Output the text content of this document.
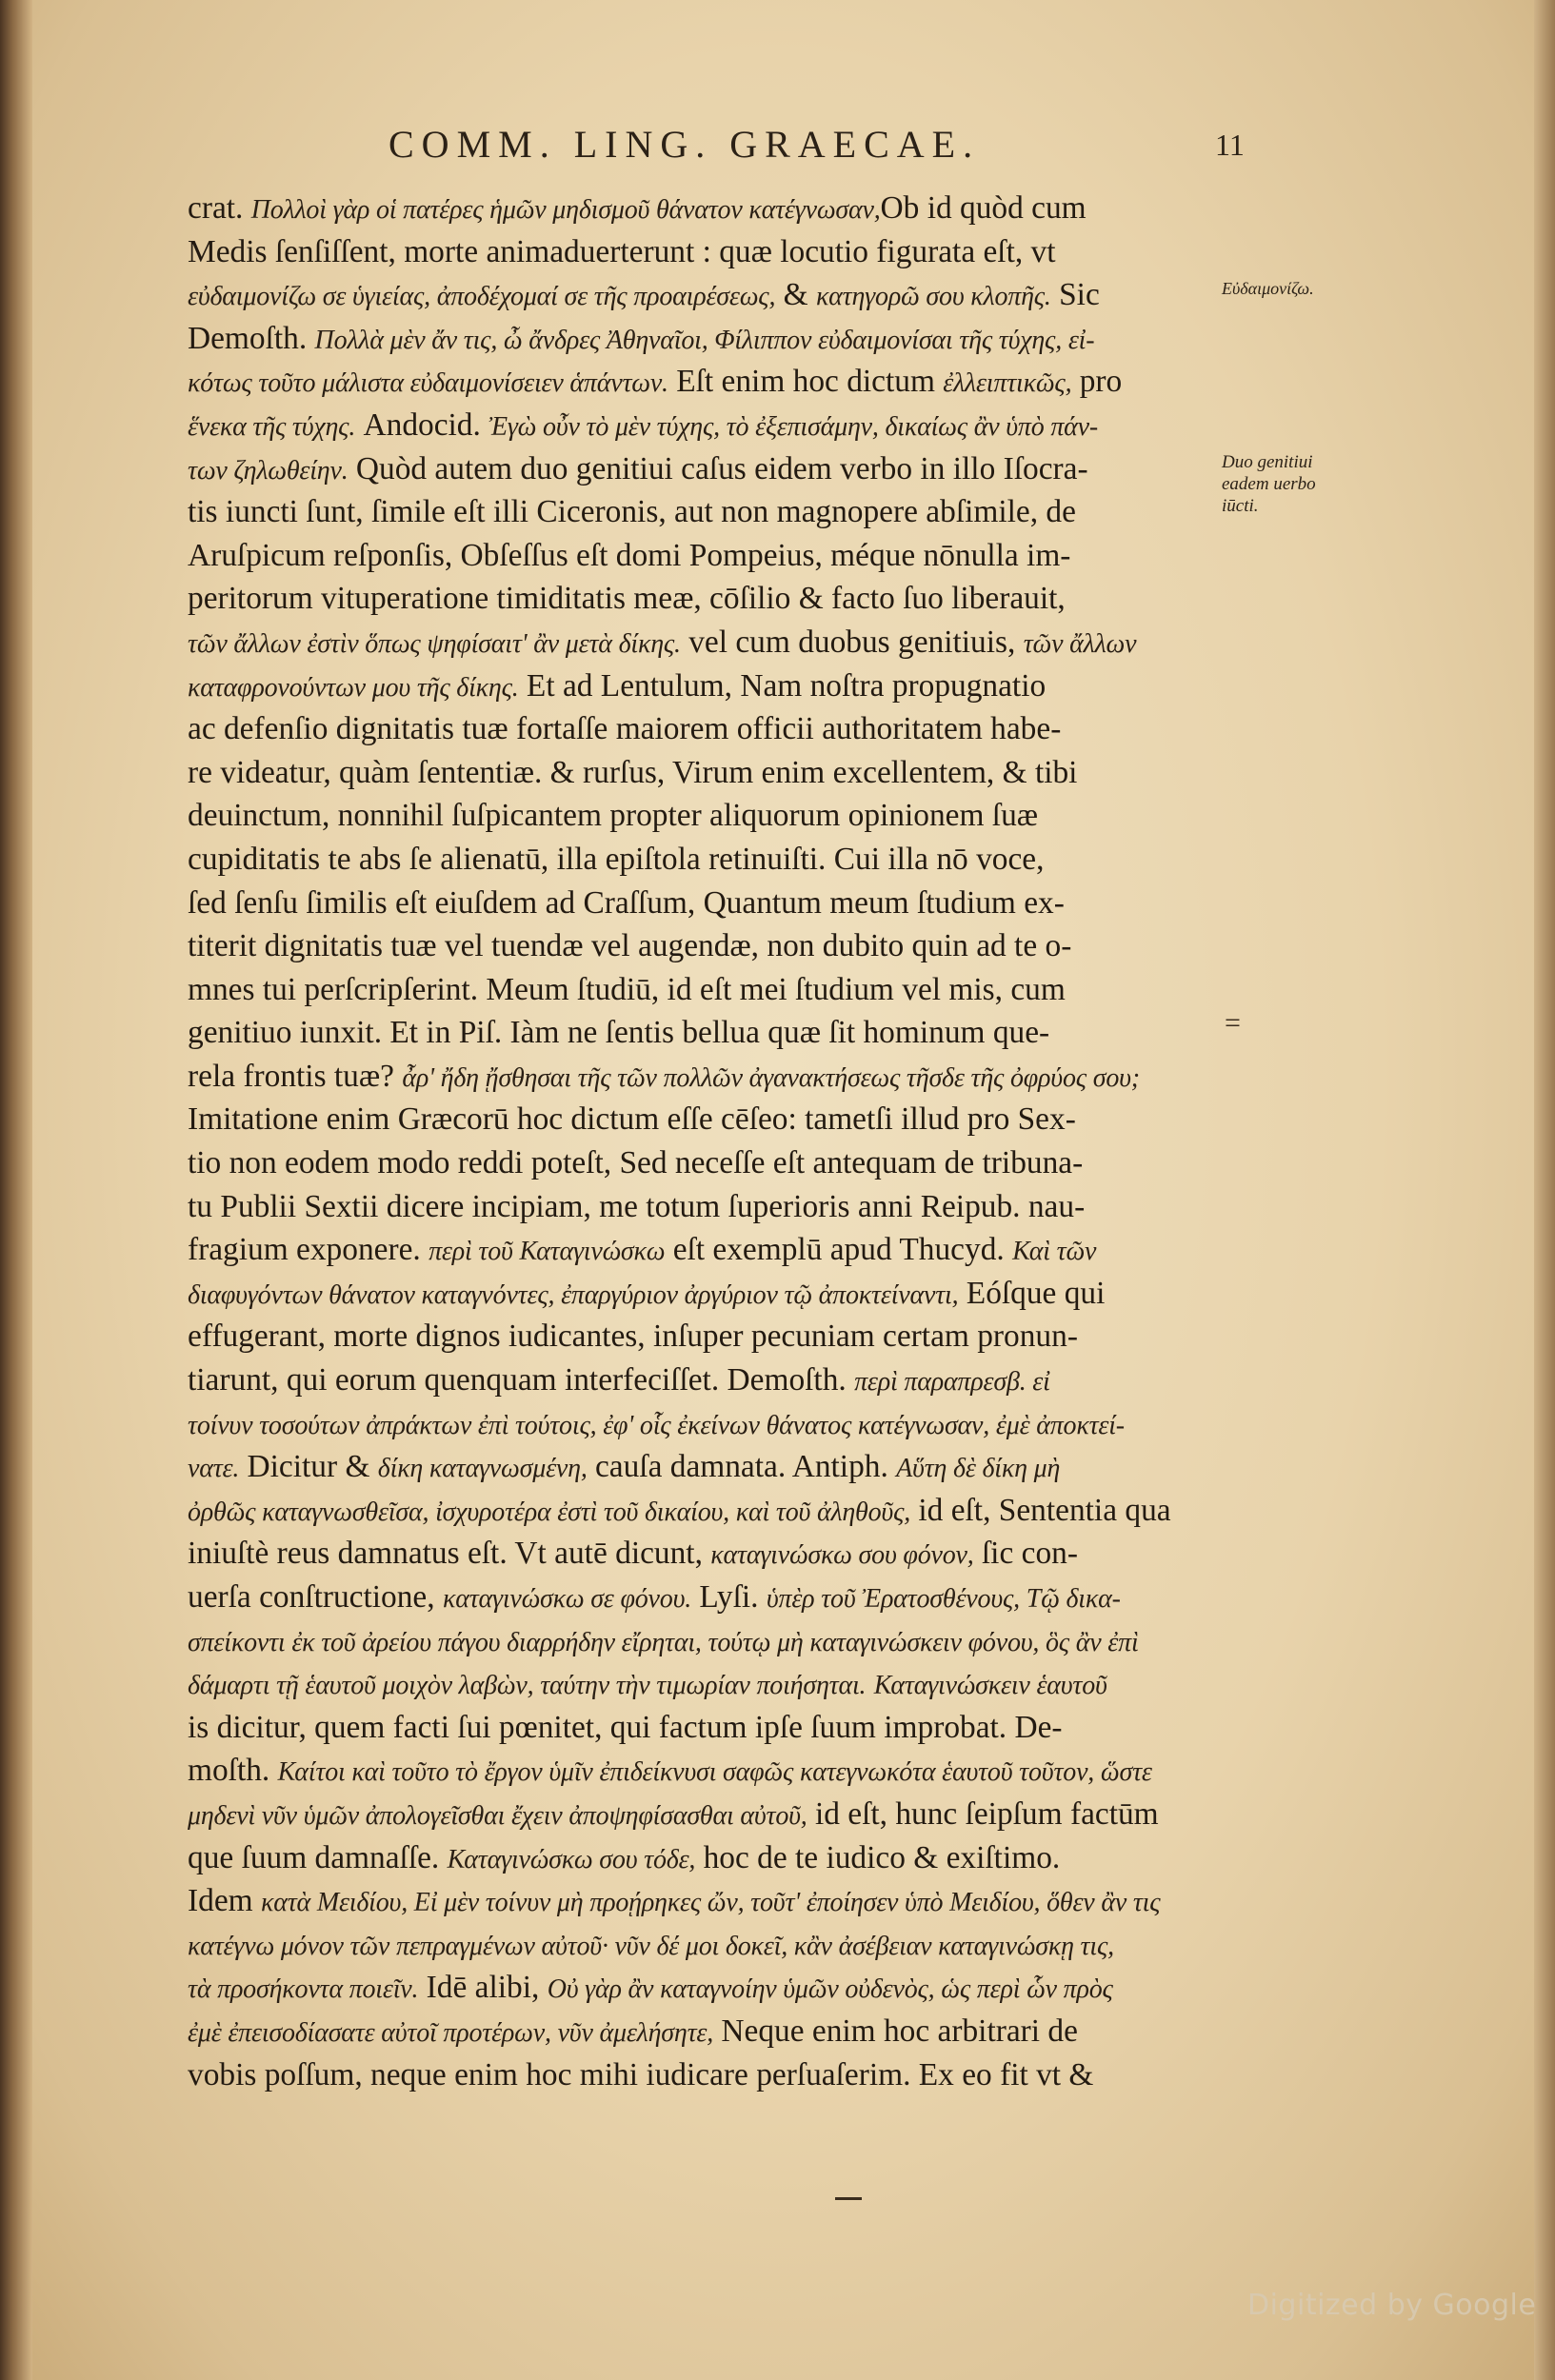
COMM. LING. GRAECAE.	11
crat. Πολλοὶ γὰρ οἱ πατέρες ἡμῶν μηδισμοῦ θάνατον κατέγνωσαν,Ob id quòd cum
Medis ſenſiſſent, morte animaduerterunt : quæ locutio figurata eſt, vt
εὐδαιμονίζω σε ὑγιείας, ἀποδέχομαί σε τῆς προαιρέσεως, & κατηγορῶ σου κλοπῆς. Sic
Demoſth. Πολλὰ μὲν ἄν τις, ὦ ἄνδρες Ἀθηναῖοι, Φίλιππον εὐδαιμονίσαι τῆς τύχης, εἰ-
κότως τοῦτο μάλιστα εὐδαιμονίσειεν ἁπάντων. Eſt enim hoc dictum ἐλλειπτικῶς, pro
ἕνεκα τῆς τύχης. Andocid. Ἐγὼ οὖν τὸ μὲν τύχης, τὸ ἐξεπισάμην, δικαίως ἂν ὑπὸ πάν-
των ζηλωθείην. Quòd autem duo genitiui caſus eidem verbo in illo Iſocra-
tis iuncti ſunt, ſimile eſt illi Ciceronis, aut non magnopere abſimile, de
Aruſpicum reſponſis, Obſeſſus eſt domi Pompeius, méque nōnulla im-
peritorum vituperatione timiditatis meæ, cōſilio & facto ſuo liberauit,
τῶν ἄλλων ἐστὶν ὅπως ψηφίσαιτ' ἂν μετὰ δίκης. vel cum duobus genitiuis, τῶν ἄλλων
καταφρονούντων μου τῆς δίκης. Et ad Lentulum, Nam noſtra propugnatio
ac defenſio dignitatis tuæ fortaſſe maiorem officii authoritatem habe-
re videatur, quàm ſententiæ. & rurſus, Virum enim excellentem, & tibi
deuinctum, nonnihil ſuſpicantem propter aliquorum opinionem ſuæ
cupiditatis te abs ſe alienatū, illa epiſtola retinuiſti. Cui illa nō voce,
ſed ſenſu ſimilis eſt eiuſdem ad Craſſum, Quantum meum ſtudium ex-
titerit dignitatis tuæ vel tuendæ vel augendæ, non dubito quin ad te o-
mnes tui perſcripſerint. Meum ſtudiū, id eſt mei ſtudium vel mis, cum
genitiuo iunxit. Et in Piſ. Iàm ne ſentis bellua quæ ſit hominum que-
rela frontis tuæ? ἆρ' ἤδη ᾔσθησαι τῆς τῶν πολλῶν ἀγανακτήσεως τῆσδε τῆς ὀφρύος σου;
Imitatione enim Græcorū hoc dictum eſſe cēſeo: tametſi illud pro Sex-
tio non eodem modo reddi poteſt, Sed neceſſe eſt antequam de tribuna-
tu Publii Sextii dicere incipiam, me totum ſuperioris anni Reipub. nau-
fragium exponere. περὶ τοῦ Καταγινώσκω eſt exemplū apud Thucyd. Καὶ τῶν
διαφυγόντων θάνατον καταγνόντες, ἐπαργύριον ἀργύριον τῷ ἀποκτείναντι, Eóſque qui
effugerant, morte dignos iudicantes, inſuper pecuniam certam pronun-
tiarunt, qui eorum quenquam interfeciſſet. Demoſth. περὶ παραπρεσβ. εἰ
τοίνυν τοσούτων ἀπράκτων ἐπὶ τούτοις, ἐφ' οἷς ἐκείνων θάνατος κατέγνωσαν, ἐμὲ ἀποκτεί-
νατε. Dicitur & δίκη καταγνωσμένη, cauſa damnata. Antiph. Αὕτη δὲ δίκη μὴ
ὀρθῶς καταγνωσθεῖσα, ἰσχυροτέρα ἐστὶ τοῦ δικαίου, καὶ τοῦ ἀληθοῦς, id eſt, Sententia qua
iniuſtè reus damnatus eſt. Vt autē dicunt, καταγινώσκω σου φόνον, ſic con-
uerſa conſtructione, καταγινώσκω σε φόνου. Lyſi. ὑπὲρ τοῦ Ἐρατοσθένους, Τῷ δικα-
σπείκοντι ἐκ τοῦ ἀρείου πάγου διαρρήδην εἴρηται, τούτῳ μὴ καταγινώσκειν φόνου, ὃς ἂν ἐπὶ
δάμαρτι τῇ ἑαυτοῦ μοιχὸν λαβὼν, ταύτην τὴν τιμωρίαν ποιήσηται. Καταγινώσκειν ἑαυτοῦ
is dicitur, quem facti ſui pœnitet, qui factum ipſe ſuum improbat. De-
moſth. Καίτοι καὶ τοῦτο τὸ ἔργον ὑμῖν ἐπιδείκνυσι σαφῶς κατεγνωκότα ἑαυτοῦ τοῦτον, ὥστε
μηδενὶ νῦν ὑμῶν ἀπολογεῖσθαι ἔχειν ἀποψηφίσασθαι αὐτοῦ, id eſt, hunc ſeipſum factūm
que ſuum damnaſſe. Καταγινώσκω σου τόδε, hoc de te iudico & exiſtimo.
Idem κατὰ Μειδίου, Εἰ μὲν τοίνυν μὴ προῄρηκες ὤν, τοῦτ' ἐποίησεν ὑπὸ Μειδίου, ὅθεν ἂν τις
κατέγνω μόνον τῶν πεπραγμένων αὐτοῦ· νῦν δέ μοι δοκεῖ, κἂν ἀσέβειαν καταγινώσκῃ τις,
τὰ προσήκοντα ποιεῖν. Idē alibi, Οὐ γὰρ ἂν καταγνοίην ὑμῶν οὐδενὸς, ὡς περὶ ὧν πρὸς
ἐμὲ ἐπεισοδίασατε αὐτοῖ προτέρων, νῦν ἀμελήσητε, Neque enim hoc arbitrari de
vobis poſſum, neque enim hoc mihi iudicare perſuaſerim. Ex eo fit vt &
Εὐδαιμονίζω.
Duo genitiui eadem uerbo iūcti.
=
Digitized by Google
